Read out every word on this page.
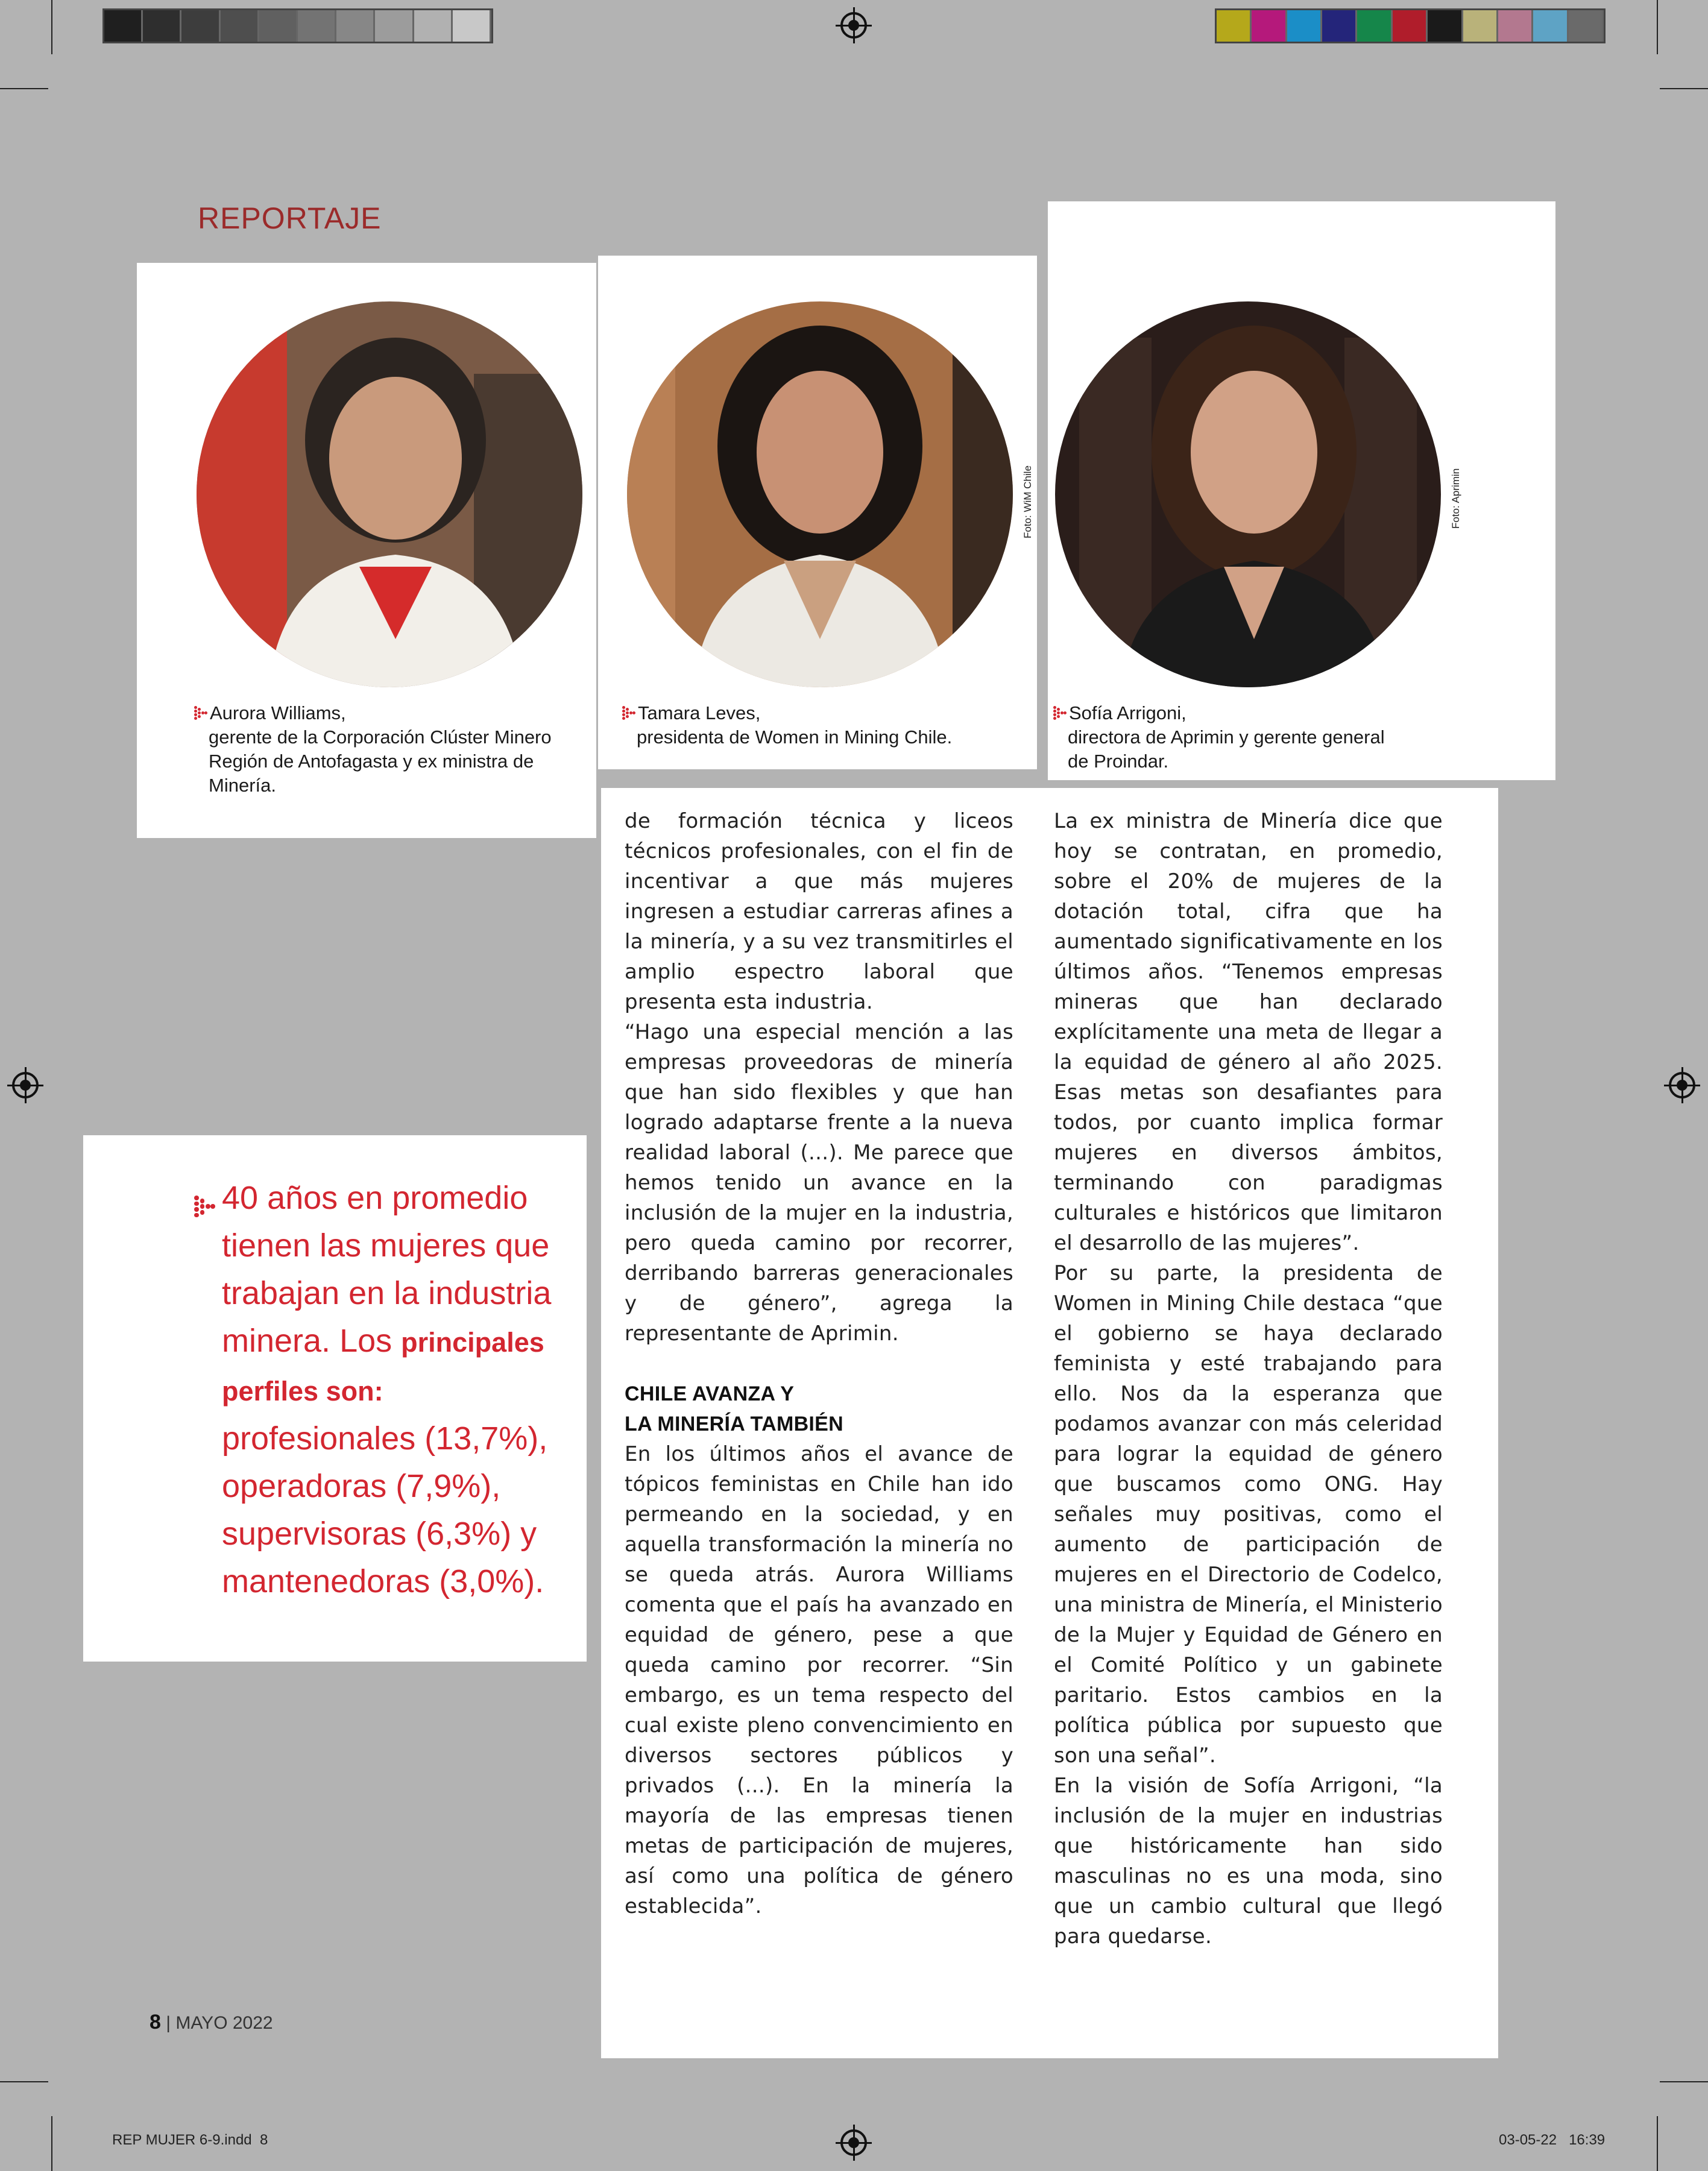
REPORTAJE
Foto: WiM Chile	Foto: Aprimin
Aurora Williams,
gerente de la Corporación Clúster Minero
Región de Antofagasta y ex ministra de
Minería.
Tamara Leves,
presidenta de Women in Mining Chile.
Sofía Arrigoni,
directora de Aprimin y gerente general
de Proindar.
40 años en promedio tienen las mujeres que trabajan en la industria minera. Los principales perfiles son: profesionales (13,7%), operadoras (7,9%), supervisoras (6,3%) y mantenedoras (3,0%).

de formación técnica y liceos técnicos profesionales, con el fin de incentivar a que más mujeres ingresen a estudiar carreras afines a la minería, y a su vez transmitirles el amplio espectro laboral que presenta esta industria.

“Hago una especial mención a las empresas proveedoras de minería que han sido flexibles y que han logrado adaptarse frente a la nueva realidad laboral (...). Me parece que hemos tenido un avance en la inclusión de la mujer en la industria, pero queda camino por recorrer, derribando barreras generacionales y de género”, agrega la representante de Aprimin.

CHILE AVANZA Y
LA MINERÍA TAMBIÉN

En los últimos años el avance de tópicos feministas en Chile han ido permeando en la sociedad, y en aquella transformación la minería no se queda atrás. Aurora Williams comenta que el país ha avanzado en equidad de género, pese a que queda camino por recorrer. “Sin embargo, es un tema respecto del cual existe pleno convencimiento en diversos sectores públicos y privados (...). En la minería la mayoría de las empresas tienen metas de participación de mujeres, así como una política de género establecida”.

La ex ministra de Minería dice que hoy se contratan, en promedio, sobre el 20% de mujeres de la dotación total, cifra que ha aumentado significativamente en los últimos años. “Tenemos empresas mineras que han declarado explícitamente una meta de llegar a la equidad de género al año 2025. Esas metas son desafiantes para todos, por cuanto implica formar mujeres en diversos ámbitos, terminando con paradigmas culturales e históricos que limitaron el desarrollo de las mujeres”.

Por su parte, la presidenta de Women in Mining Chile destaca “que el gobierno se haya declarado feminista y esté trabajando para ello. Nos da la esperanza que podamos avanzar con más celeridad para lograr la equidad de género que buscamos como ONG. Hay señales muy positivas, como el aumento de participación de mujeres en el Directorio de Codelco, una ministra de Minería, el Ministerio de la Mujer y Equidad de Género en el Comité Político y un gabinete paritario. Estos cambios en la política pública por supuesto que son una señal”.

En la visión de Sofía Arrigoni, “la inclusión de la mujer en industrias que históricamente han sido masculinas no es una moda, sino que un cambio cultural que llegó para quedarse.

8 | MAYO 2022
REP MUJER 6-9.indd  8	03-05-22   16:39
